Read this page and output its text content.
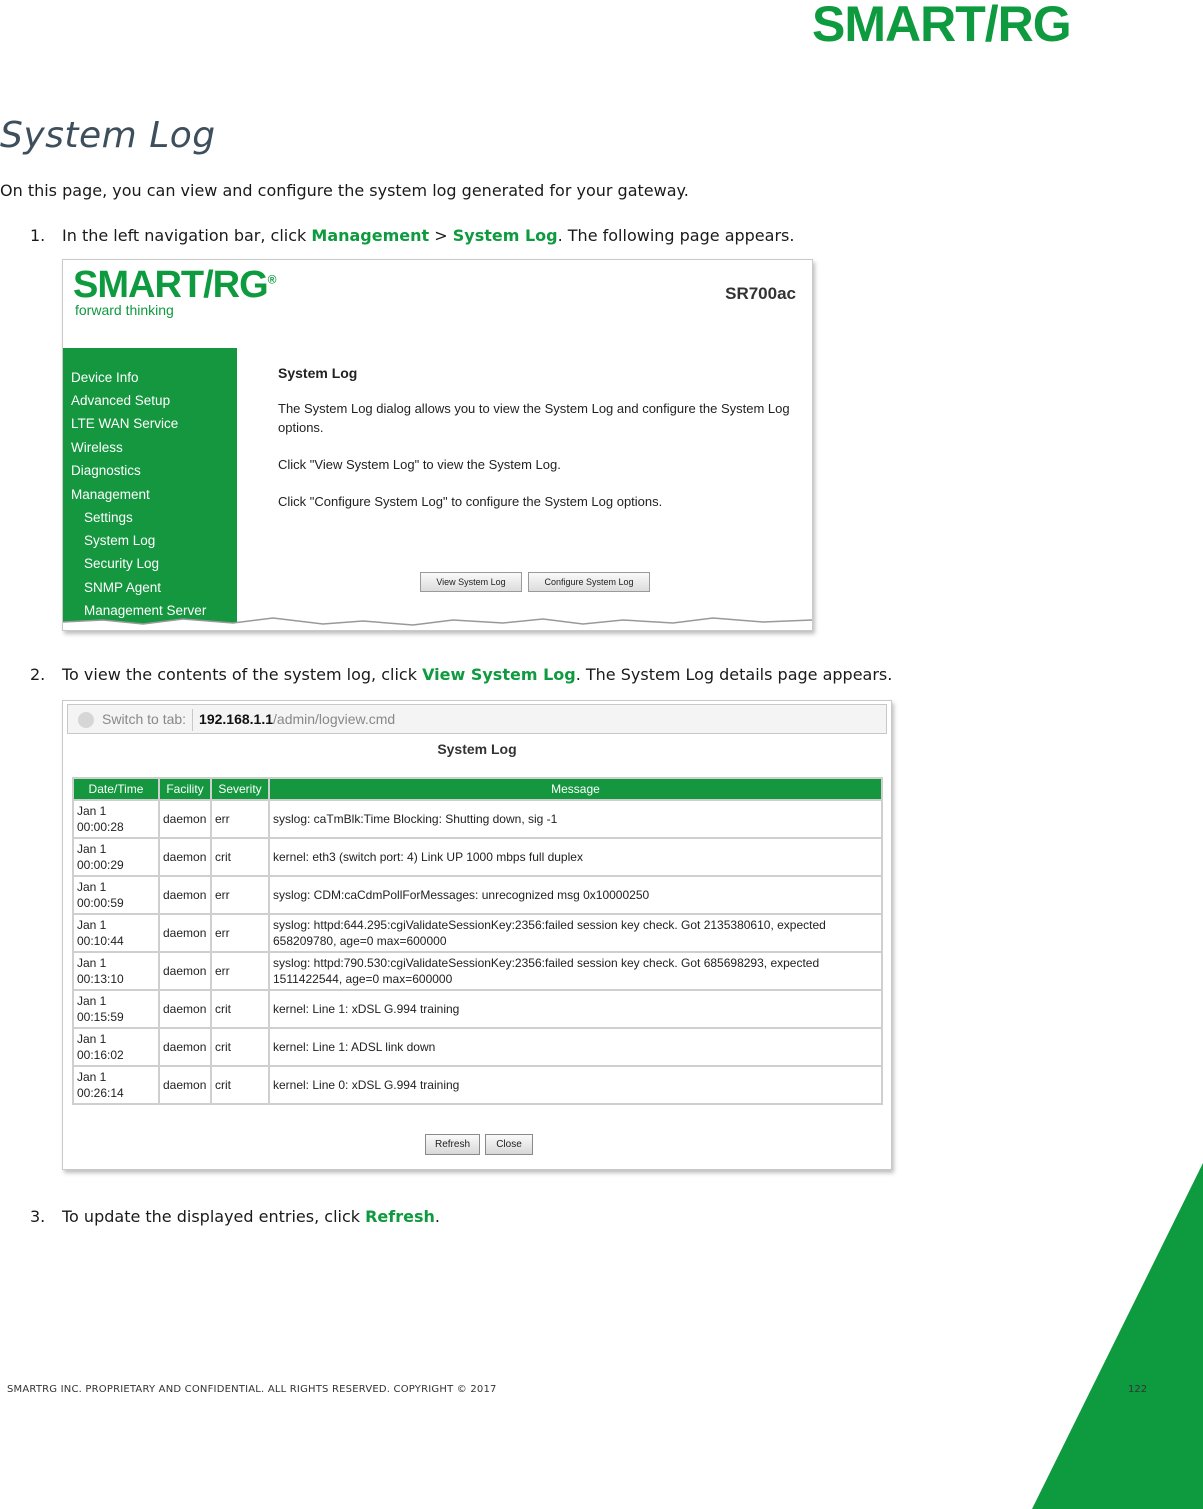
SMART/RG
System Log
On this page, you can view and configure the system log generated for your gateway.
1. In the left navigation bar, click Management > System Log. The following page appears.
SMART/RG®
forward thinking
SR700ac
Device Info
Advanced Setup
LTE WAN Service
Wireless
Diagnostics
Management
Settings
System Log
Security Log
SNMP Agent
Management Server
System Log

The System Log dialog allows you to view the System Log and configure the System Log options.

Click "View System Log" to view the System Log.

Click "Configure System Log" to configure the System Log options.

View System Log	Configure System Log
2. To view the contents of the system log, click View System Log. The System Log details page appears.
Switch to tab: 192.168.1.1/admin/logview.cmd
System Log
Date/Time	Facility	Severity	Message
Jan 1
00:00:28	daemon	err	syslog: caTmBlk:Time Blocking: Shutting down, sig -1
Jan 1
00:00:29	daemon	crit	kernel: eth3 (switch port: 4) Link UP 1000 mbps full duplex
Jan 1
00:00:59	daemon	err	syslog: CDM:caCdmPollForMessages: unrecognized msg 0x10000250
Jan 1
00:10:44	daemon	err	syslog: httpd:644.295:cgiValidateSessionKey:2356:failed session key check. Got 2135380610, expected 658209780, age=0 max=600000
Jan 1
00:13:10	daemon	err	syslog: httpd:790.530:cgiValidateSessionKey:2356:failed session key check. Got 685698293, expected 1511422544, age=0 max=600000
Jan 1
00:15:59	daemon	crit	kernel: Line 1: xDSL G.994 training
Jan 1
00:16:02	daemon	crit	kernel: Line 1: ADSL link down
Jan 1
00:26:14	daemon	crit	kernel: Line 0: xDSL G.994 training
Refresh	Close
3. To update the displayed entries, click Refresh.
SMARTRG INC. PROPRIETARY AND CONFIDENTIAL. ALL RIGHTS RESERVED. COPYRIGHT © 2017	122
